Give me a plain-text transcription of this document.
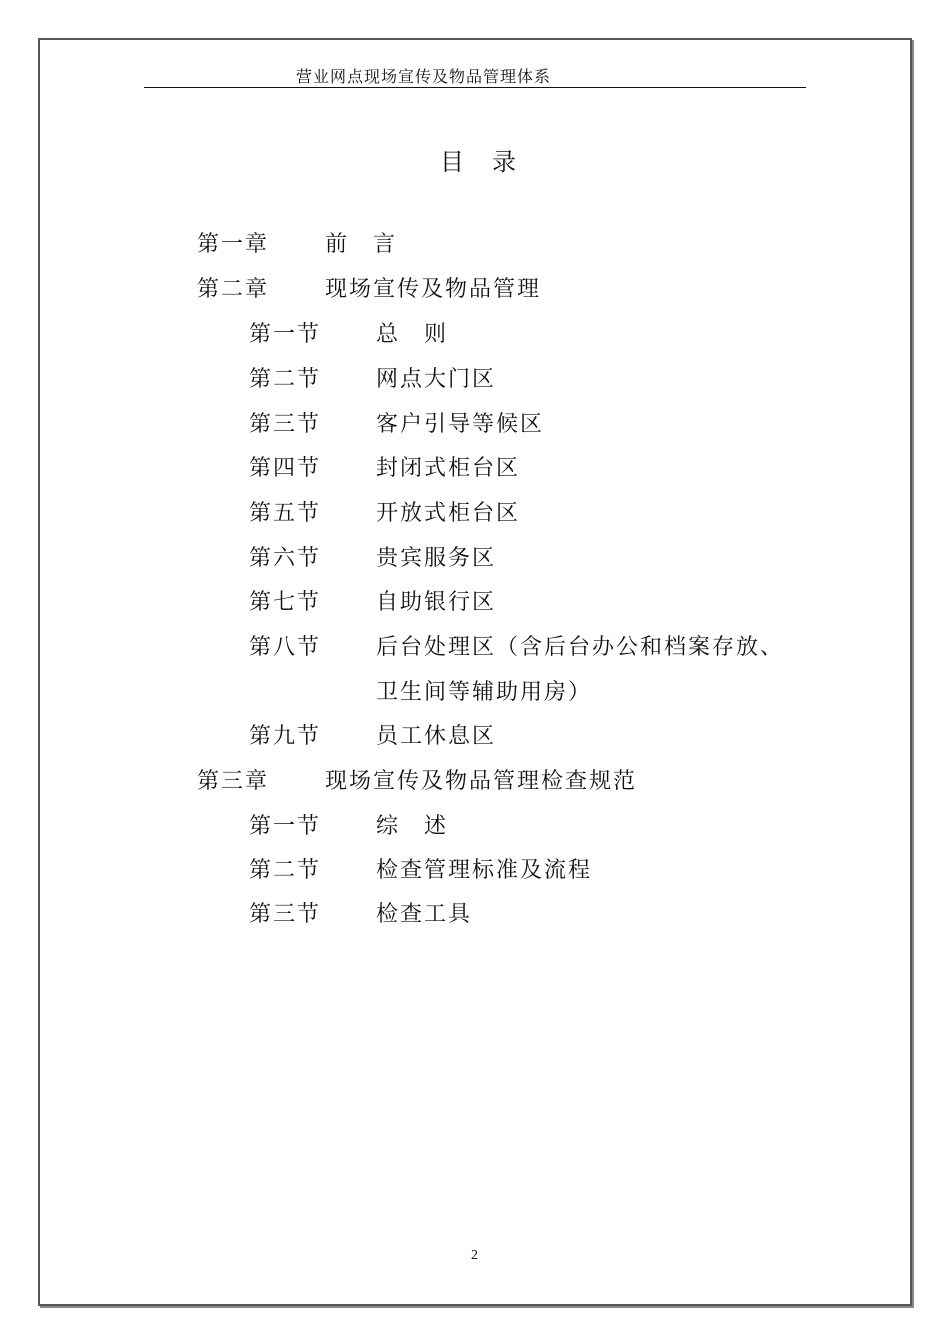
营业网点现场宣传及物品管理体系
目 录
第一章	前　言
第二章	现场宣传及物品管理
第一节 总　则
第二节 网点大门区
第三节 客户引导等候区
第四节 封闭式柜台区
第五节 开放式柜台区
第六节 贵宾服务区
第七节 自助银行区
第八节 后台处理区（含后台办公和档案存放、
卫生间等辅助用房）
第九节 员工休息区
第三章	现场宣传及物品管理检查规范
第一节 综　述
第二节 检查管理标准及流程
第三节 检查工具
2
